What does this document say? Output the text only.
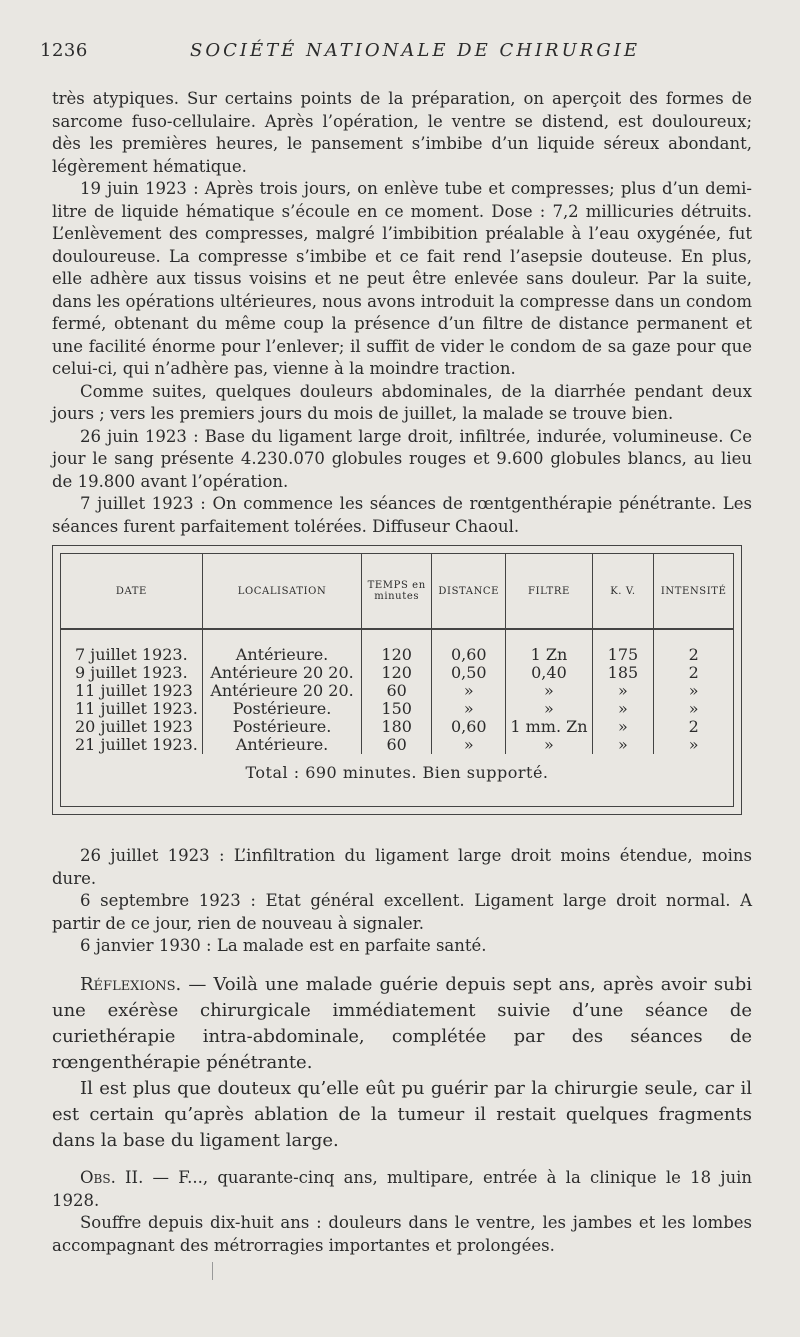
1236	SOCIÉTÉ NATIONALE DE CHIRURGIE

très atypiques. Sur certains points de la préparation, on aperçoit des formes de sarcome fuso-cellulaire. Après l’opération, le ventre se distend, est douloureux; dès les premières heures, le pansement s’imbibe d’un liquide séreux abondant, légèrement hématique.

19 juin 1923 : Après trois jours, on enlève tube et compresses; plus d’un demi-litre de liquide hématique s’écoule en ce moment. Dose : 7,2 millicuries détruits. L’enlèvement des compresses, malgré l’imbibition préalable à l’eau oxygénée, fut douloureuse. La compresse s’imbibe et ce fait rend l’asepsie douteuse. En plus, elle adhère aux tissus voisins et ne peut être enlevée sans douleur. Par la suite, dans les opérations ultérieures, nous avons introduit la compresse dans un condom fermé, obtenant du même coup la présence d’un filtre de distance permanent et une facilité énorme pour l’enlever; il suffit de vider le condom de sa gaze pour que celui-ci, qui n’adhère pas, vienne à la moindre traction.

Comme suites, quelques douleurs abdominales, de la diarrhée pendant deux jours ; vers les premiers jours du mois de juillet, la malade se trouve bien.

26 juin 1923 : Base du ligament large droit, infiltrée, indurée, volumineuse. Ce jour le sang présente 4.230.070 globules rouges et 9.600 globules blancs, au lieu de 19.800 avant l’opération.

7 juillet 1923 : On commence les séances de rœntgenthérapie pénétrante. Les séances furent parfaitement tolérées. Diffuseur Chaoul.

DATE	LOCALISATION	TEMPS en minutes	DISTANCE	FILTRE	K. V.	INTENSITÉ
7 juillet 1923.	Antérieure.	120	0,60	1 Zn	175	2
9 juillet 1923.	Antérieure 20 20.	120	0,50	0,40	185	2
11 juillet 1923	Antérieure 20 20.	60	»	»	»	»
11 juillet 1923.	Postérieure.	150	»	»	»	»
20 juillet 1923	Postérieure.	180	0,60	1 mm. Zn	»	2
21 juillet 1923.	Antérieure.	60	»	»	»	»
Total : 690 minutes. Bien supporté.

26 juillet 1923 : L’infiltration du ligament large droit moins étendue, moins dure.

6 septembre 1923 : Etat général excellent. Ligament large droit normal. A partir de ce jour, rien de nouveau à signaler.

6 janvier 1930 : La malade est en parfaite santé.

Réflexions. — Voilà une malade guérie depuis sept ans, après avoir subi une exérèse chirurgicale immédiatement suivie d’une séance de curiethérapie intra-abdominale, complétée par des séances de rœngenthérapie pénétrante.

Il est plus que douteux qu’elle eût pu guérir par la chirurgie seule, car il est certain qu’après ablation de la tumeur il restait quelques fragments dans la base du ligament large.

Obs. II. — F..., quarante-cinq ans, multipare, entrée à la clinique le 18 juin 1928.

Souffre depuis dix-huit ans : douleurs dans le ventre, les jambes et les lombes accompagnant des métrorragies importantes et prolongées.
